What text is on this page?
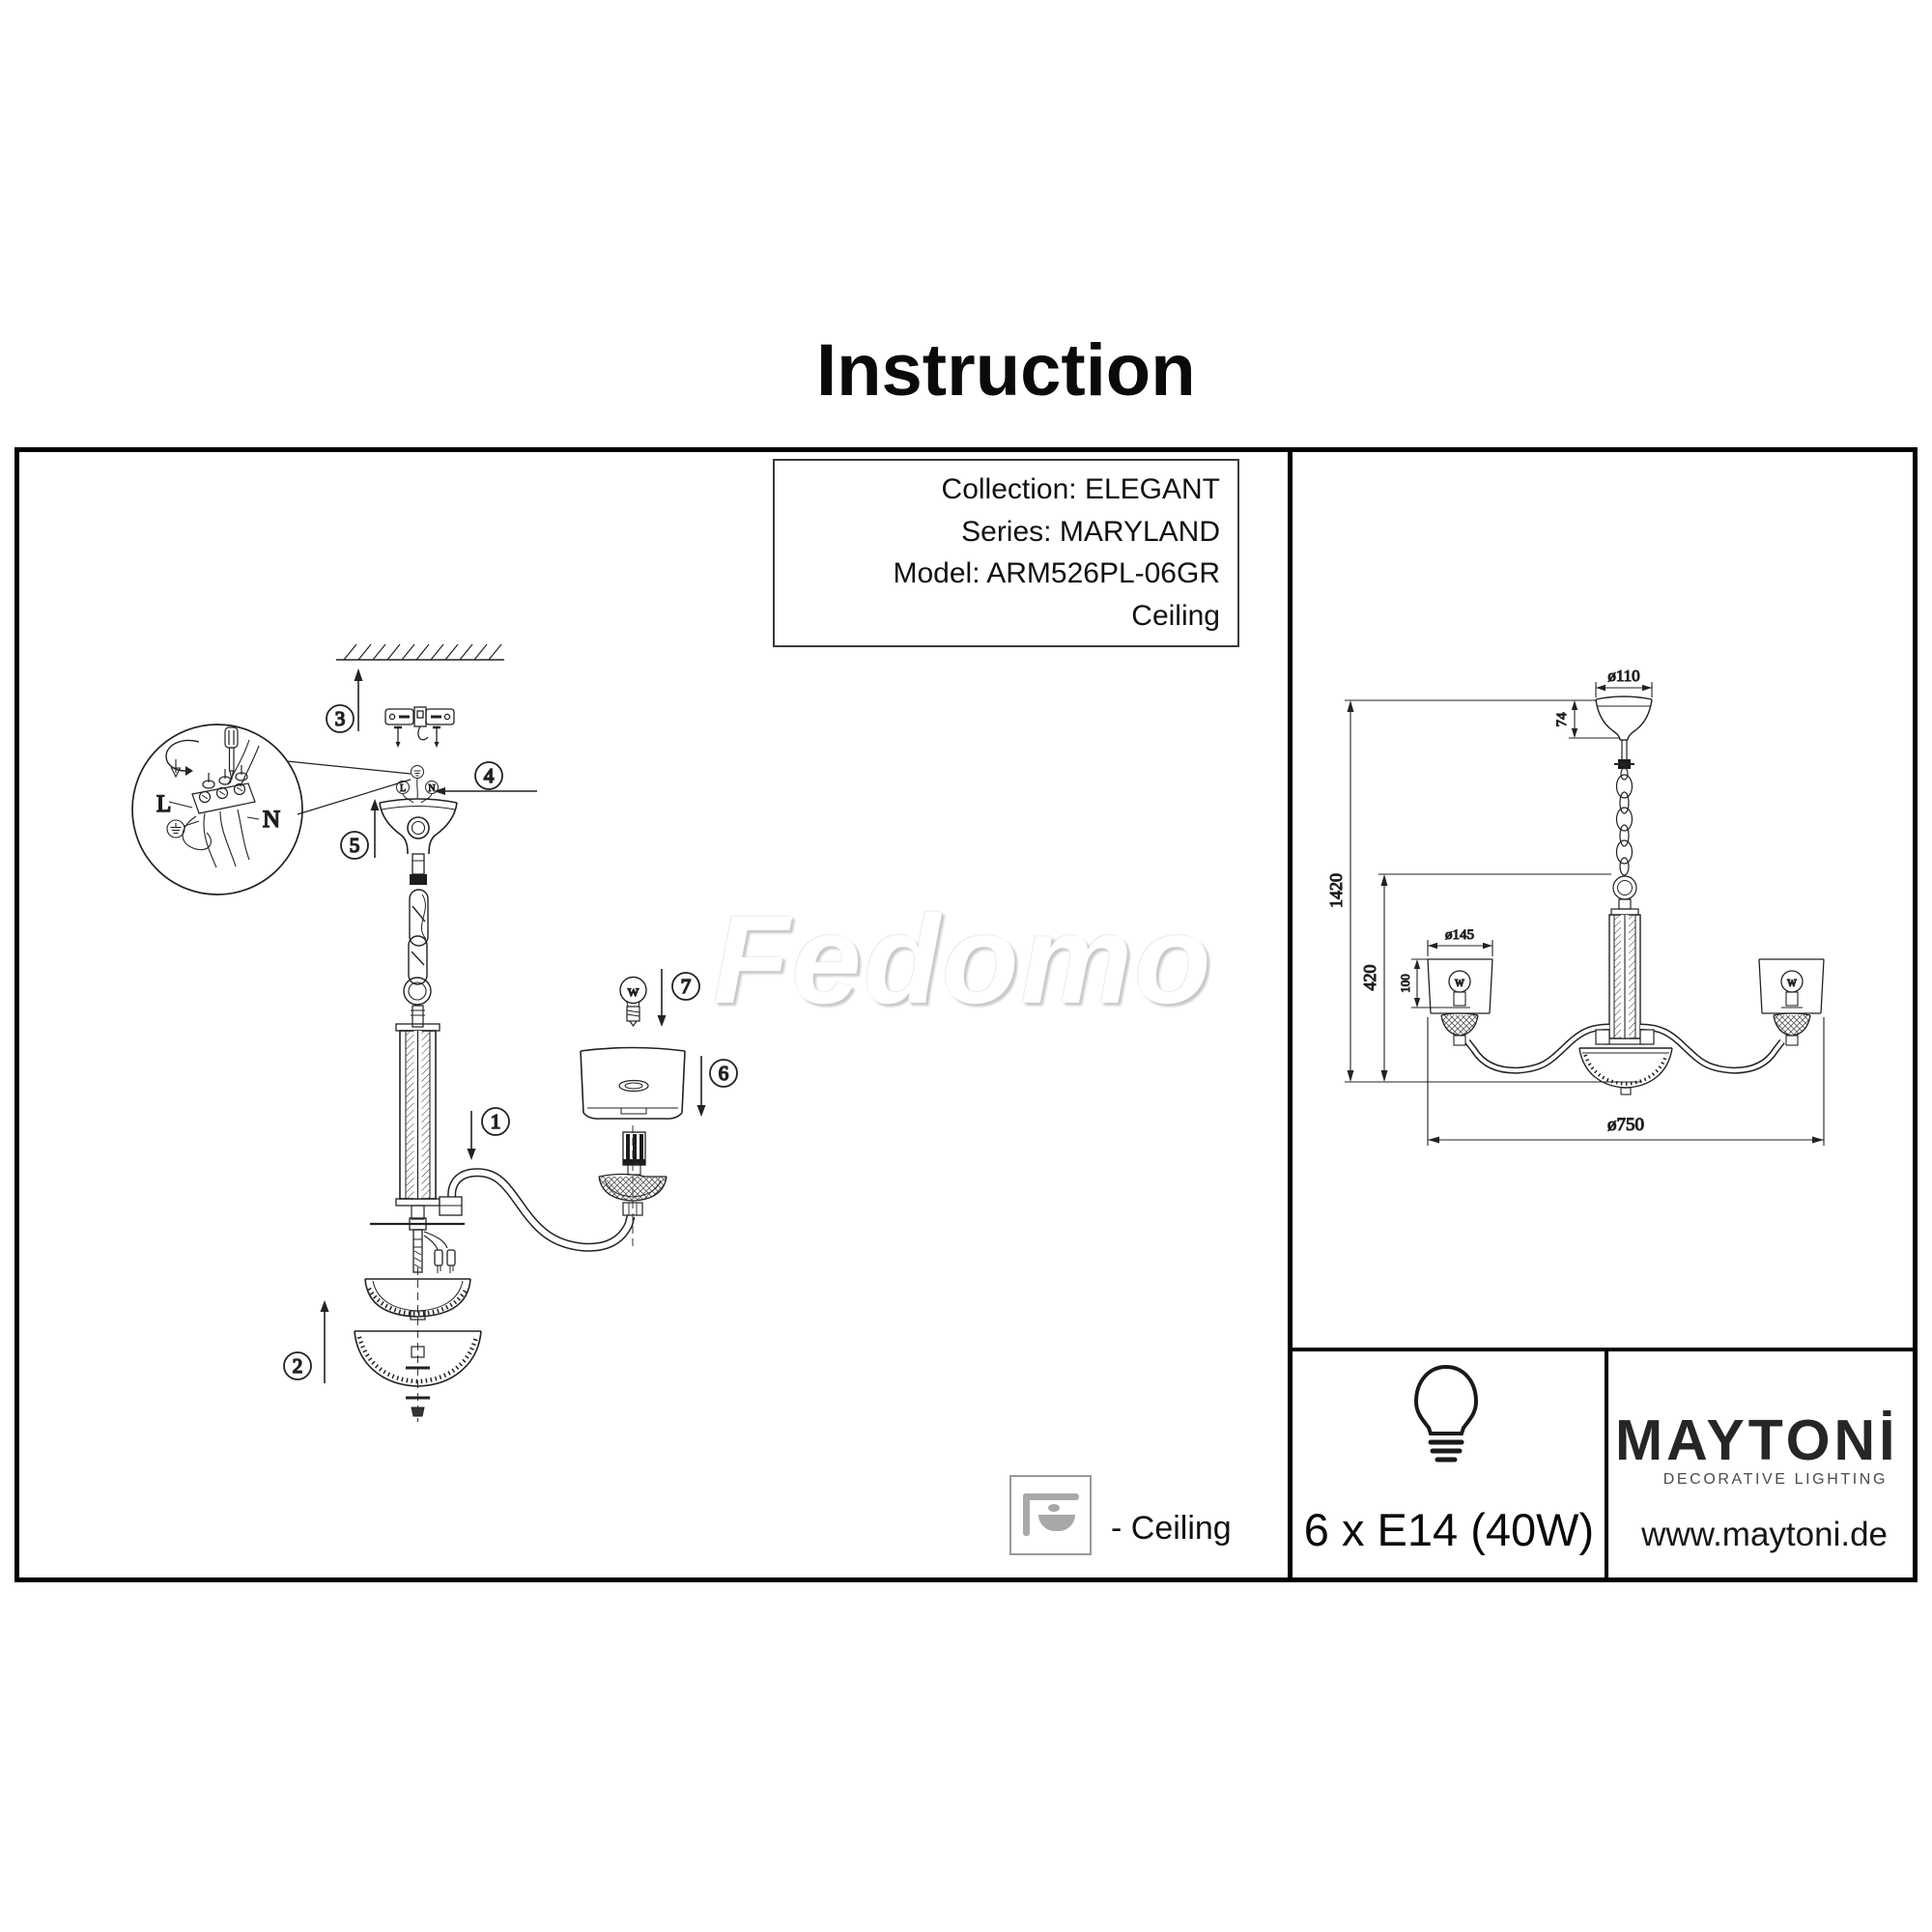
Fedomo
Instruction
Collection: ELEGANT
Series: MARYLAND
Model: ARM526PL-06GR
Ceiling
3
L
N
4
5
L N
1
W 7
6
2
W	W
ø110
74
1420
420
ø145
100
ø750
6 x E14 (40W)
MAYTONİ
DECORATIVE LIGHTING
www.maytoni.de
- Ceiling
